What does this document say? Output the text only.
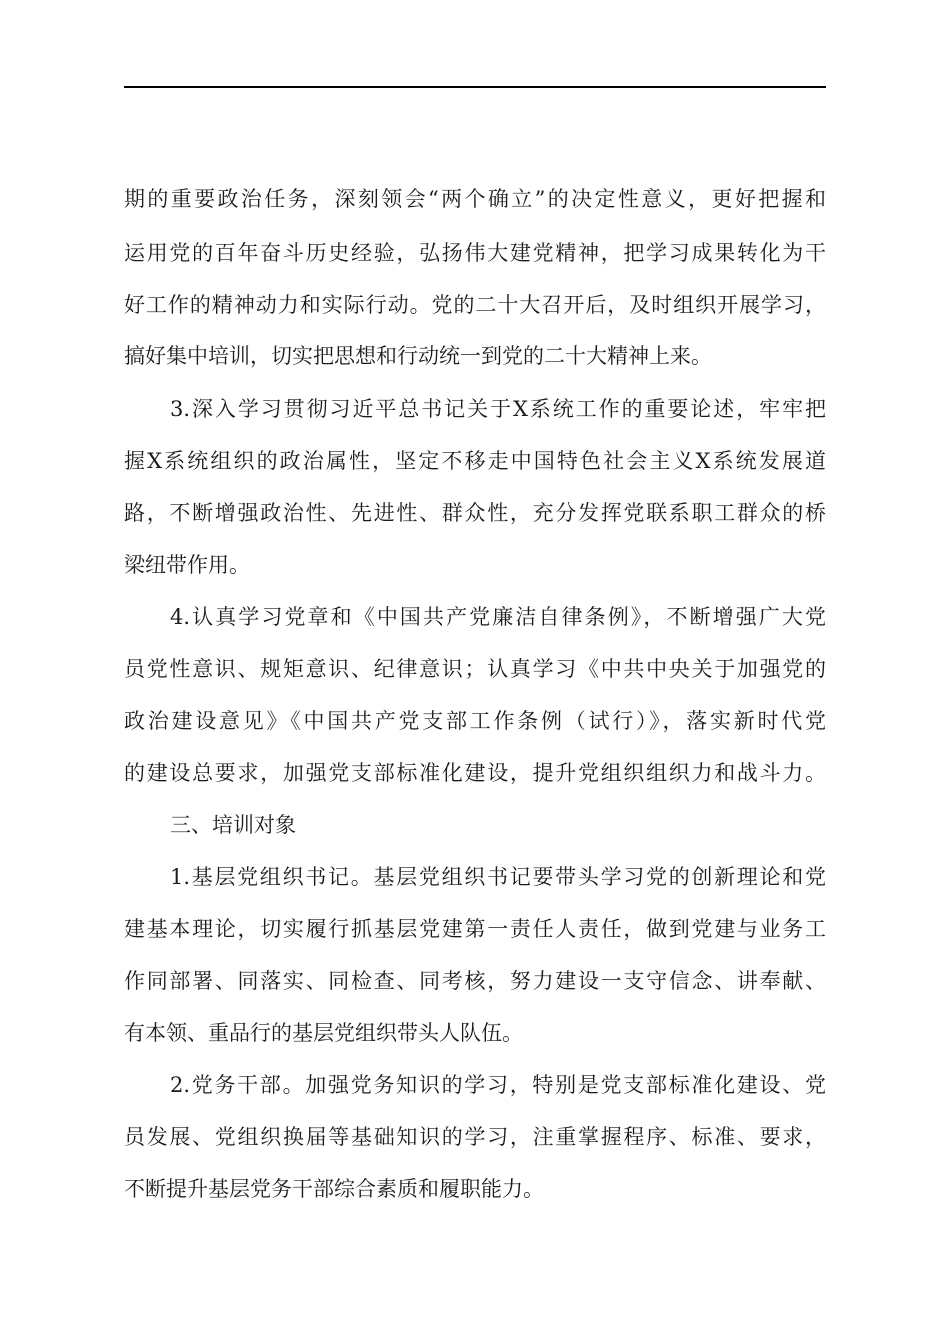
期的重要政治任务，深刻领会“两个确立”的决定性意义，更好把握和
运用党的百年奋斗历史经验，弘扬伟大建党精神，把学习成果转化为干
好工作的精神动力和实际行动。党的二十大召开后，及时组织开展学习，
搞好集中培训，切实把思想和行动统一到党的二十大精神上来。
3.深入学习贯彻习近平总书记关于X系统工作的重要论述，牢牢把
握X系统组织的政治属性，坚定不移走中国特色社会主义X系统发展道
路，不断增强政治性、先进性、群众性，充分发挥党联系职工群众的桥
梁纽带作用。
4.认真学习党章和《中国共产党廉洁自律条例》，不断增强广大党
员党性意识、规矩意识、纪律意识；认真学习《中共中央关于加强党的
政治建设意见》《中国共产党支部工作条例（试行）》，落实新时代党
的建设总要求，加强党支部标准化建设，提升党组织组织力和战斗力。
三、培训对象
1.基层党组织书记。基层党组织书记要带头学习党的创新理论和党
建基本理论，切实履行抓基层党建第一责任人责任，做到党建与业务工
作同部署、同落实、同检查、同考核，努力建设一支守信念、讲奉献、
有本领、重品行的基层党组织带头人队伍。
2.党务干部。加强党务知识的学习，特别是党支部标准化建设、党
员发展、党组织换届等基础知识的学习，注重掌握程序、标准、要求，
不断提升基层党务干部综合素质和履职能力。
